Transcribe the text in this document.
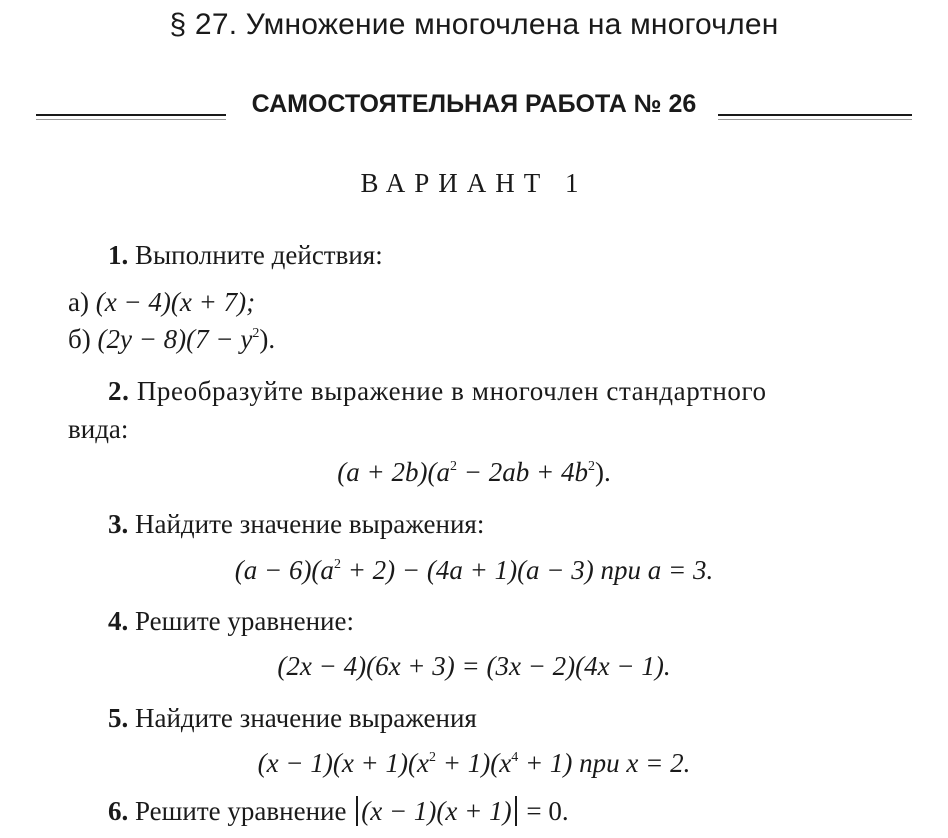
§ 27. Умножение многочлена на многочлен
САМОСТОЯТЕЛЬНАЯ РАБОТА № 26
ВАРИАНТ 1
1. Выполните действия:
а) (x − 4)(x + 7);
б) $(2y - 8)(7 - y^2)$.
2. Преобразуйте выражение в многочлен стандартного
вида:
$(a + 2b)(a^2 - 2ab + 4b^2)$.
3. Найдите значение выражения:
$(a - 6)(a^2 + 2) - (4a + 1)(a - 3)$ при a = 3.
4. Решите уравнение:
(2x − 4)(6x + 3) = (3x − 2)(4x − 1).
5. Найдите значение выражения
$(x - 1)(x + 1)(x^2 + 1)(x^4 + 1)$ при x = 2.
6. Решите уравнение (x − 1)(x + 1) = 0.
